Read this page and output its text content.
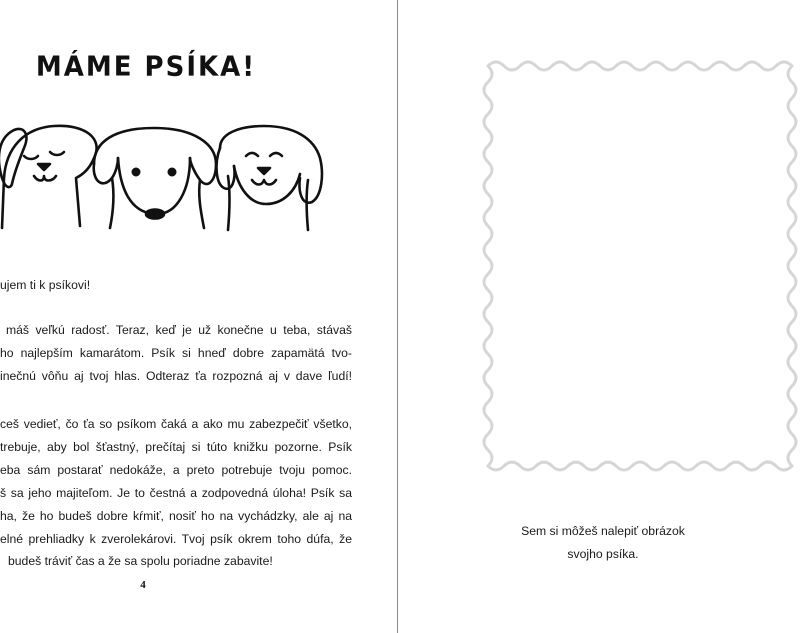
MÁME PSÍKA!
ujem ti k psíkovi!
máš veľkú radosť. Teraz, keď je už konečne u teba, stávaš
ho najlepším kamarátom. Psík si hneď dobre zapamätá tvo-
inečnú vôňu aj tvoj hlas. Odteraz ťa rozpozná aj v dave ľudí!
ceš vedieť, čo ťa so psíkom čaká a ako mu zabezpečiť všetko,
trebuje, aby bol šťastný, prečítaj si túto knižku pozorne. Psík
eba sám postarať nedokáže, a preto potrebuje tvoju pomoc.
š sa jeho majiteľom. Je to čestná a zodpovedná úloha! Psík sa
ha, že ho budeš dobre kŕmiť, nosiť ho na vychádzky, ale aj na
elné prehliadky k zverolekárovi. Tvoj psík okrem toho dúfa, že
budeš tráviť čas a že sa spolu poriadne zabavite!
4
Sem si môžeš nalepiť obrázok
svojho psíka.
